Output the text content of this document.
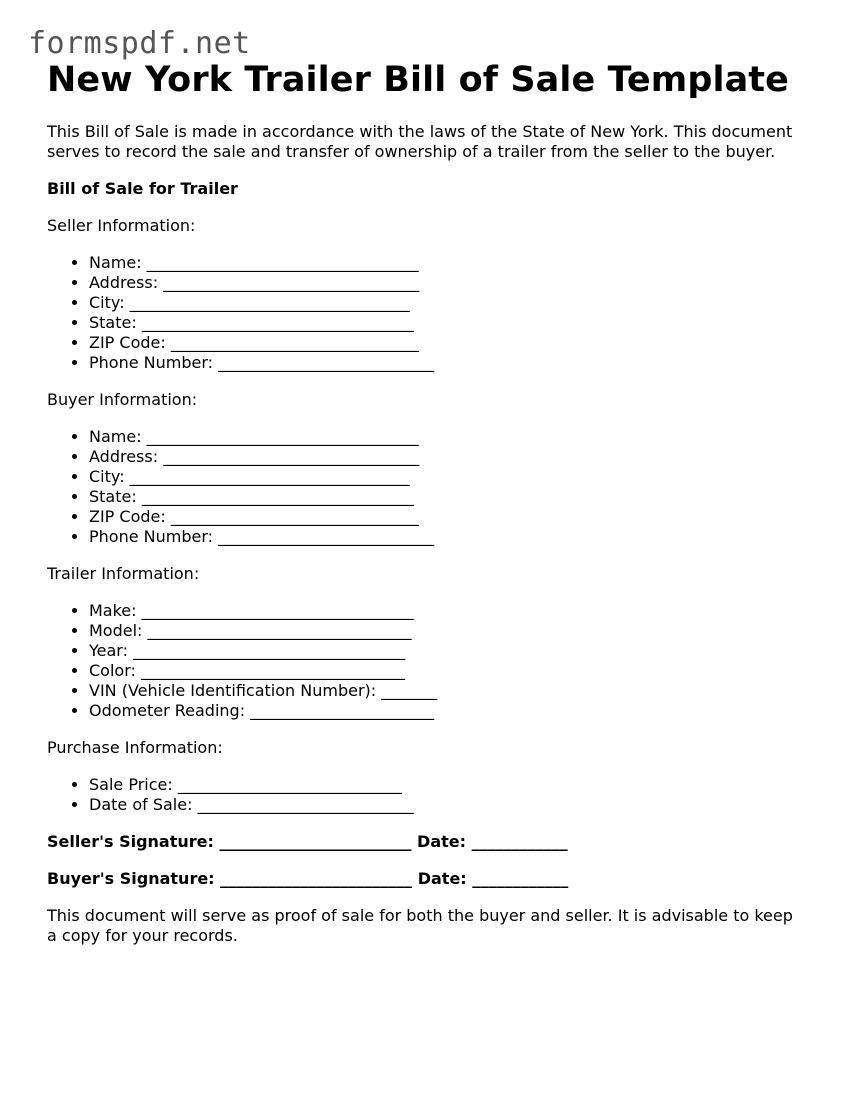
formspdf.net
New York Trailer Bill of Sale Template

This Bill of Sale is made in accordance with the laws of the State of New York. This document serves to record the sale and transfer of ownership of a trailer from the seller to the buyer.

Bill of Sale for Trailer

Seller Information:

• Name: __________________________________
• Address: ________________________________
• City: ___________________________________
• State: __________________________________
• ZIP Code: _______________________________
• Phone Number: ___________________________

Buyer Information:

• Name: __________________________________
• Address: ________________________________
• City: ___________________________________
• State: __________________________________
• ZIP Code: _______________________________
• Phone Number: ___________________________

Trailer Information:

• Make: __________________________________
• Model: _________________________________
• Year: __________________________________
• Color: _________________________________
• VIN (Vehicle Identification Number): _______
• Odometer Reading: _______________________

Purchase Information:

• Sale Price: ____________________________
• Date of Sale: ___________________________

Seller's Signature: ________________________ Date: ____________

Buyer's Signature: ________________________ Date: ____________

This document will serve as proof of sale for both the buyer and seller. It is advisable to keep a copy for your records.
